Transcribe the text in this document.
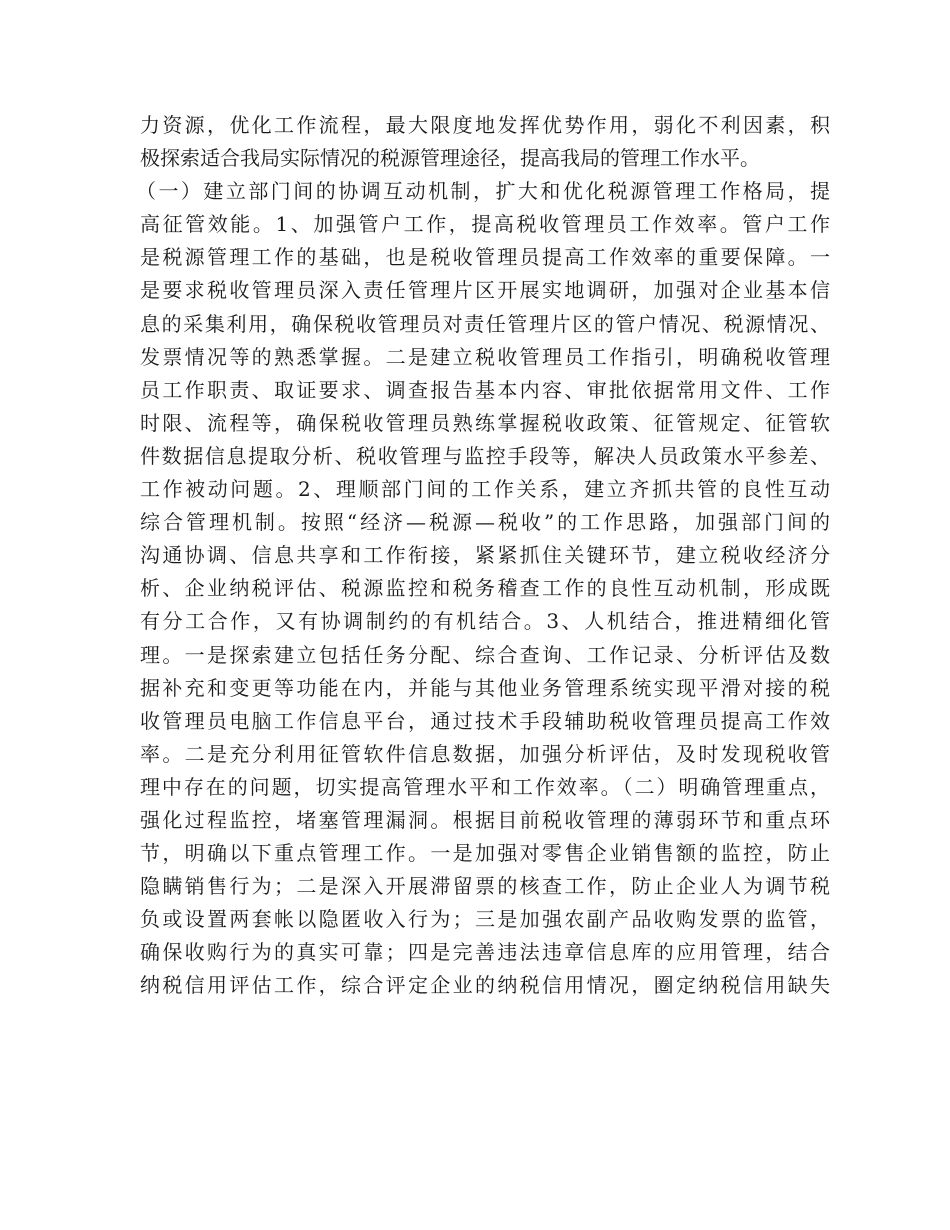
力资源，优化工作流程，最大限度地发挥优势作用，弱化不利因素，积
极探索适合我局实际情况的税源管理途径，提高我局的管理工作水平。
（一）建立部门间的协调互动机制，扩大和优化税源管理工作格局，提
高征管效能。1、加强管户工作，提高税收管理员工作效率。管户工作
是税源管理工作的基础，也是税收管理员提高工作效率的重要保障。一
是要求税收管理员深入责任管理片区开展实地调研，加强对企业基本信
息的采集利用，确保税收管理员对责任管理片区的管户情况、税源情况、
发票情况等的熟悉掌握。二是建立税收管理员工作指引，明确税收管理
员工作职责、取证要求、调查报告基本内容、审批依据常用文件、工作
时限、流程等，确保税收管理员熟练掌握税收政策、征管规定、征管软
件数据信息提取分析、税收管理与监控手段等，解决人员政策水平参差、
工作被动问题。2、理顺部门间的工作关系，建立齐抓共管的良性互动
综合管理机制。按照“经济—税源—税收”的工作思路，加强部门间的
沟通协调、信息共享和工作衔接，紧紧抓住关键环节，建立税收经济分
析、企业纳税评估、税源监控和税务稽查工作的良性互动机制，形成既
有分工合作，又有协调制约的有机结合。3、人机结合，推进精细化管
理。一是探索建立包括任务分配、综合查询、工作记录、分析评估及数
据补充和变更等功能在内，并能与其他业务管理系统实现平滑对接的税
收管理员电脑工作信息平台，通过技术手段辅助税收管理员提高工作效
率。二是充分利用征管软件信息数据，加强分析评估，及时发现税收管
理中存在的问题，切实提高管理水平和工作效率。（二）明确管理重点，
强化过程监控，堵塞管理漏洞。根据目前税收管理的薄弱环节和重点环
节，明确以下重点管理工作。一是加强对零售企业销售额的监控，防止
隐瞒销售行为；二是深入开展滞留票的核查工作，防止企业人为调节税
负或设置两套帐以隐匿收入行为；三是加强农副产品收购发票的监管，
确保收购行为的真实可靠；四是完善违法违章信息库的应用管理，结合
纳税信用评估工作，综合评定企业的纳税信用情况，圈定纳税信用缺失
